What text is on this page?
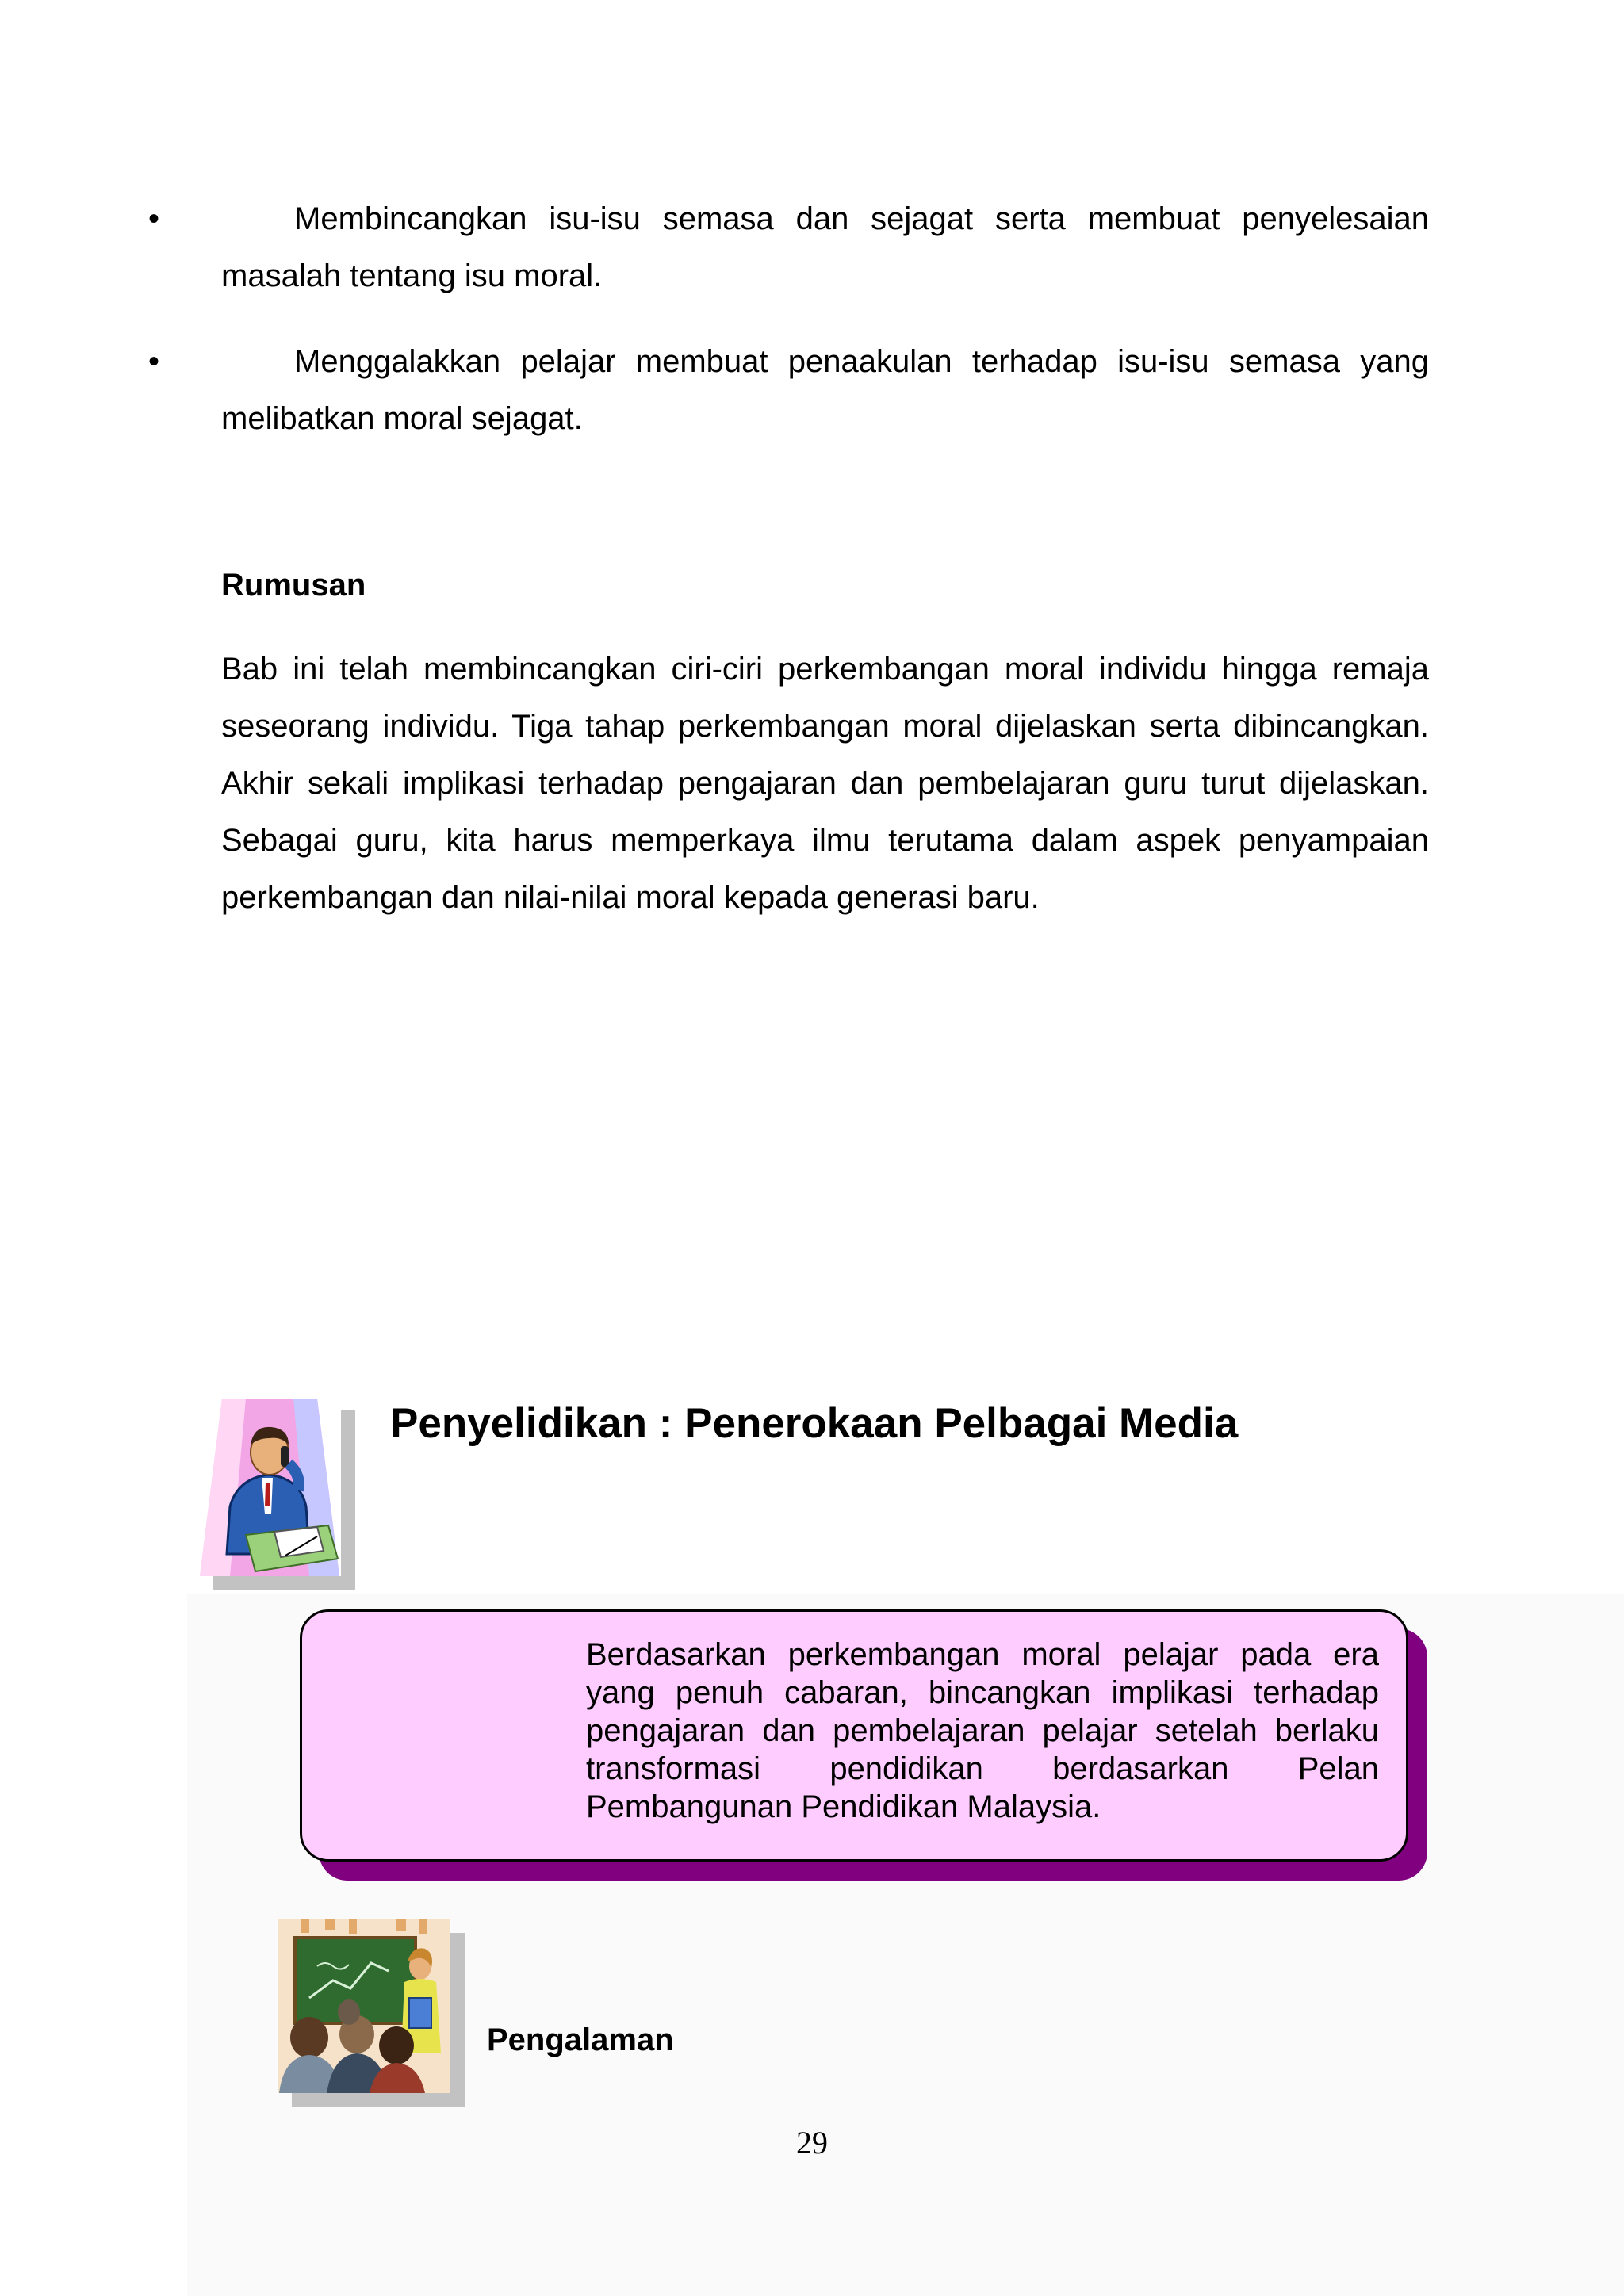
•	Membincangkan isu-isu semasa dan sejagat serta membuat penyelesaian masalah tentang isu moral.
•	Menggalakkan pelajar membuat penaakulan terhadap isu-isu semasa yang melibatkan moral sejagat.
Rumusan
Bab ini telah membincangkan ciri-ciri perkembangan moral individu hingga remaja seseorang individu. Tiga tahap perkembangan moral dijelaskan serta dibincangkan. Akhir sekali implikasi terhadap pengajaran dan pembelajaran guru turut dijelaskan. Sebagai guru, kita harus memperkaya ilmu terutama dalam aspek penyampaian perkembangan dan nilai-nilai moral kepada generasi baru.
Penyelidikan : Penerokaan Pelbagai Media
Berdasarkan perkembangan moral pelajar pada era yang penuh cabaran, bincangkan implikasi terhadap pengajaran dan pembelajaran pelajar setelah berlaku transformasi pendidikan berdasarkan Pelan Pembangunan Pendidikan Malaysia.
Pengalaman
29
